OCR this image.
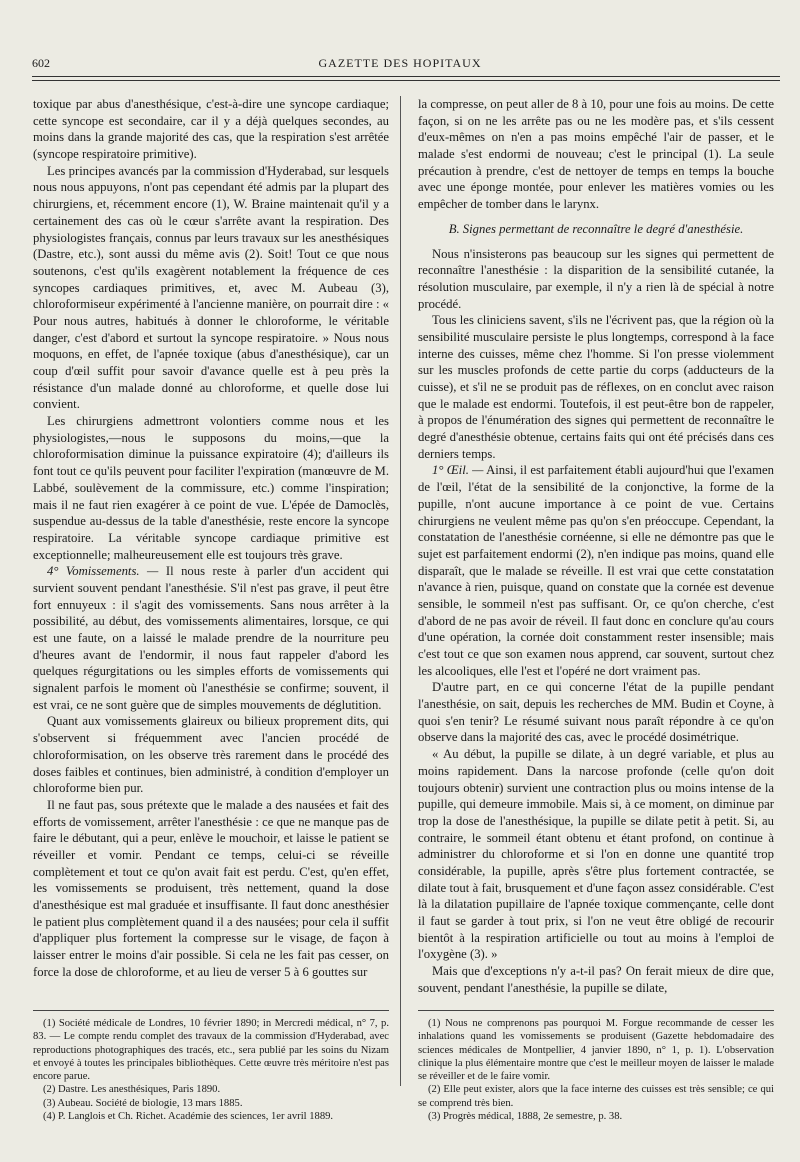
602	GAZETTE DES HOPITAUX

toxique par abus d'anesthésique, c'est-à-dire une syncope cardiaque; cette syncope est secondaire, car il y a déjà quelques secondes, au moins dans la grande majorité des cas, que la respiration s'est arrêtée (syncope respiratoire primitive).

Les principes avancés par la commission d'Hyderabad, sur lesquels nous nous appuyons, n'ont pas cependant été admis par la plupart des chirurgiens, et, récemment encore (1), W. Braine maintenait qu'il y a certainement des cas où le cœur s'arrête avant la respiration. Des physiologistes français, connus par leurs travaux sur les anesthésiques (Dastre, etc.), sont aussi du même avis (2). Soit! Tout ce que nous soutenons, c'est qu'ils exagèrent notablement la fréquence de ces syncopes cardiaques primitives, et, avec M. Aubeau (3), chloroformiseur expérimenté à l'ancienne manière, on pourrait dire : « Pour nous autres, habitués à donner le chloroforme, le véritable danger, c'est d'abord et surtout la syncope respiratoire. » Nous nous moquons, en effet, de l'apnée toxique (abus d'anesthésique), car un coup d'œil suffit pour savoir d'avance quelle est à peu près la résistance d'un malade donné au chloroforme, et quelle dose lui convient.

Les chirurgiens admettront volontiers comme nous et les physiologistes,—nous le supposons du moins,—que la chloroformisation diminue la puissance expiratoire (4); d'ailleurs ils font tout ce qu'ils peuvent pour faciliter l'expiration (manœuvre de M. Labbé, soulèvement de la commissure, etc.) comme l'inspiration; mais il ne faut rien exagérer à ce point de vue. L'épée de Damoclès, suspendue au-dessus de la table d'anesthésie, reste encore la syncope respiratoire. La véritable syncope cardiaque primitive est exceptionnelle; malheureusement elle est toujours très grave.

4° Vomissements. — Il nous reste à parler d'un accident qui survient souvent pendant l'anesthésie. S'il n'est pas grave, il peut être fort ennuyeux : il s'agit des vomissements. Sans nous arrêter à la possibilité, au début, des vomissements alimentaires, lorsque, ce qui est une faute, on a laissé le malade prendre de la nourriture peu d'heures avant de l'endormir, il nous faut rappeler d'abord les quelques régurgitations ou les simples efforts de vomissements qui signalent parfois le moment où l'anesthésie se confirme; souvent, il est vrai, ce ne sont guère que de simples mouvements de déglutition.

Quant aux vomissements glaireux ou bilieux proprement dits, qui s'observent si fréquemment avec l'ancien procédé de chloroformisation, on les observe très rarement dans le procédé des doses faibles et continues, bien administré, à condition d'employer un chloroforme bien pur.

Il ne faut pas, sous prétexte que le malade a des nausées et fait des efforts de vomissement, arrêter l'anesthésie : ce que ne manque pas de faire le débutant, qui a peur, enlève le mouchoir, et laisse le patient se réveiller et vomir. Pendant ce temps, celui-ci se réveille complètement et tout ce qu'on avait fait est perdu. C'est, qu'en effet, les vomissements se produisent, très nettement, quand la dose d'anesthésique est mal graduée et insuffisante. Il faut donc anesthésier le patient plus complètement quand il a des nausées; pour cela il suffit d'appliquer plus fortement la compresse sur le visage, de façon à laisser entrer le moins d'air possible. Si cela ne les fait pas cesser, on force la dose de chloroforme, et au lieu de verser 5 à 6 gouttes sur

la compresse, on peut aller de 8 à 10, pour une fois au moins. De cette façon, si on ne les arrête pas ou ne les modère pas, et s'ils cessent d'eux-mêmes on n'en a pas moins empêché l'air de passer, et le malade s'est endormi de nouveau; c'est le principal (1). La seule précaution à prendre, c'est de nettoyer de temps en temps la bouche avec une éponge montée, pour enlever les matières vomies ou les empêcher de tomber dans le larynx.

B. Signes permettant de reconnaître le degré d'anesthésie.

Nous n'insisterons pas beaucoup sur les signes qui permettent de reconnaître l'anesthésie : la disparition de la sensibilité cutanée, la résolution musculaire, par exemple, il n'y a rien là de spécial à notre procédé.

Tous les cliniciens savent, s'ils ne l'écrivent pas, que la région où la sensibilité musculaire persiste le plus longtemps, correspond à la face interne des cuisses, même chez l'homme. Si l'on presse violemment sur les muscles profonds de cette partie du corps (adducteurs de la cuisse), et s'il ne se produit pas de réflexes, on en conclut avec raison que le malade est endormi. Toutefois, il est peut-être bon de rappeler, à propos de l'énumération des signes qui permettent de reconnaître le degré d'anesthésie obtenue, certains faits qui ont été précisés dans ces derniers temps.

1° Œil. — Ainsi, il est parfaitement établi aujourd'hui que l'examen de l'œil, l'état de la sensibilité de la conjonctive, la forme de la pupille, n'ont aucune importance à ce point de vue. Certains chirurgiens ne veulent même pas qu'on s'en préoccupe. Cependant, la constatation de l'anesthésie cornéenne, si elle ne démontre pas que le sujet est parfaitement endormi (2), n'en indique pas moins, quand elle disparaît, que le malade se réveille. Il est vrai que cette constatation n'avance à rien, puisque, quand on constate que la cornée est devenue sensible, le sommeil n'est pas suffisant. Or, ce qu'on cherche, c'est d'abord de ne pas avoir de réveil. Il faut donc en conclure qu'au cours d'une opération, la cornée doit constamment rester insensible; mais c'est tout ce que son examen nous apprend, car souvent, surtout chez les alcooliques, elle l'est et l'opéré ne dort vraiment pas.

D'autre part, en ce qui concerne l'état de la pupille pendant l'anesthésie, on sait, depuis les recherches de MM. Budin et Coyne, à quoi s'en tenir? Le résumé suivant nous paraît répondre à ce qu'on observe dans la majorité des cas, avec le procédé dosimétrique.

« Au début, la pupille se dilate, à un degré variable, et plus au moins rapidement. Dans la narcose profonde (celle qu'on doit toujours obtenir) survient une contraction plus ou moins intense de la pupille, qui demeure immobile. Mais si, à ce moment, on diminue par trop la dose de l'anesthésique, la pupille se dilate petit à petit. Si, au contraire, le sommeil étant obtenu et étant profond, on continue à administrer du chloroforme et si l'on en donne une quantité trop considérable, la pupille, après s'être plus fortement contractée, se dilate tout à fait, brusquement et d'une façon assez considérable. C'est là la dilatation pupillaire de l'apnée toxique commençante, celle dont il faut se garder à tout prix, si l'on ne veut être obligé de recourir bientôt à la respiration artificielle ou tout au moins à l'emploi de l'oxygène (3). »

Mais que d'exceptions n'y a-t-il pas? On ferait mieux de dire que, souvent, pendant l'anesthésie, la pupille se dilate,

(1) Société médicale de Londres, 10 février 1890; in Mercredi médical, n° 7, p. 83. — Le compte rendu complet des travaux de la commission d'Hyderabad, avec reproductions photographiques des tracés, etc., sera publié par les soins du Nizam et envoyé à toutes les principales bibliothèques. Cette œuvre très méritoire n'est pas encore parue.

(2) Dastre. Les anesthésiques, Paris 1890.

(3) Aubeau. Société de biologie, 13 mars 1885.

(4) P. Langlois et Ch. Richet. Académie des sciences, 1er avril 1889.

(1) Nous ne comprenons pas pourquoi M. Forgue recommande de cesser les inhalations quand les vomissements se produisent (Gazette hebdomadaire des sciences médicales de Montpellier, 4 janvier 1890, n° 1, p. 1). L'observation clinique la plus élémentaire montre que c'est le meilleur moyen de laisser le malade se réveiller et de le faire vomir.

(2) Elle peut exister, alors que la face interne des cuisses est très sensible; ce qui se comprend très bien.

(3) Progrès médical, 1888, 2e semestre, p. 38.
